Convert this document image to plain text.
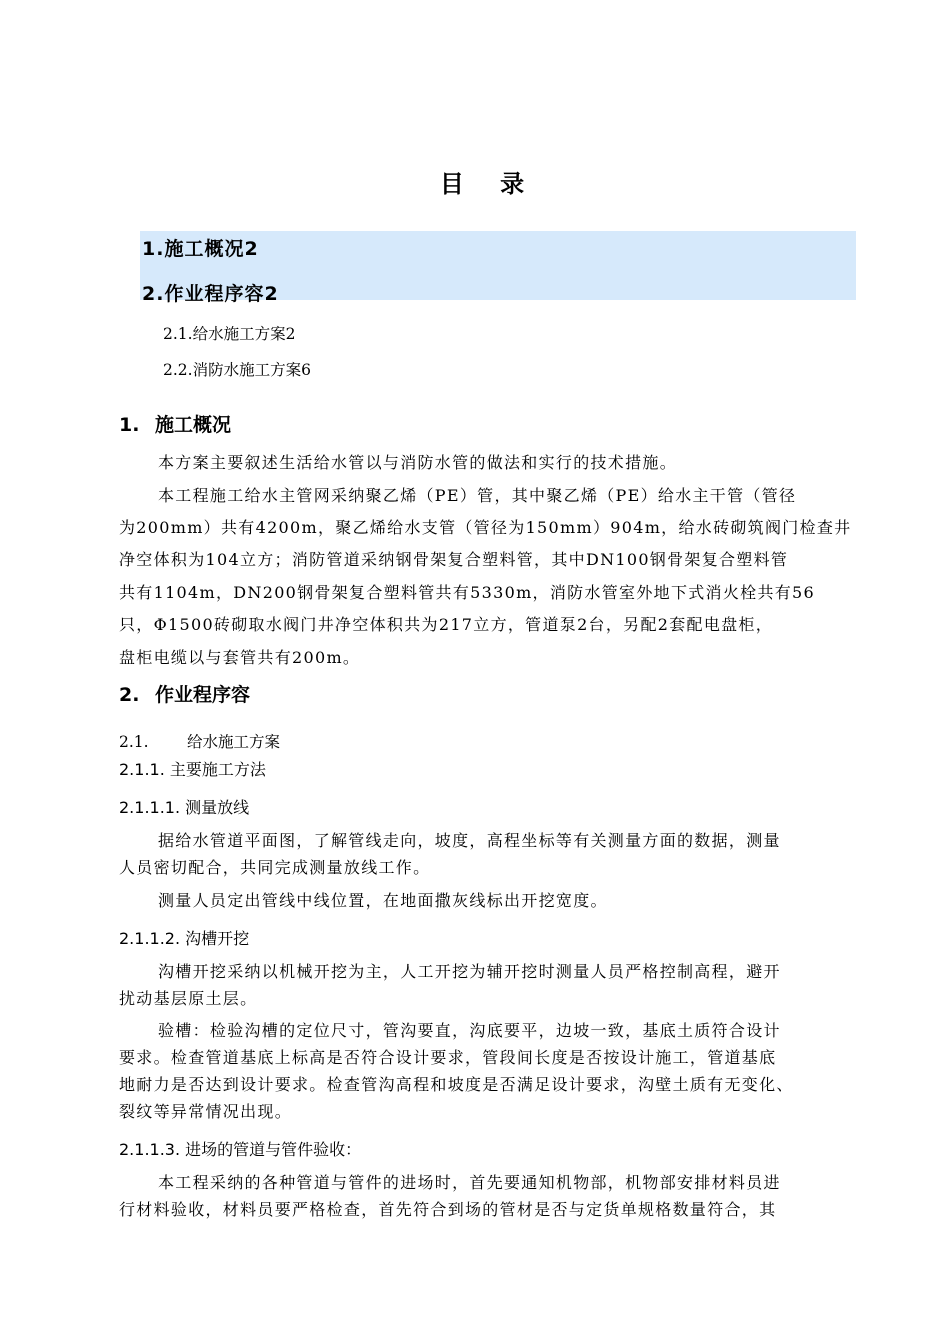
目 录
1.施工概况2
2.作业程序容2
2.1.给水施工方案2
2.2.消防水施工方案6
1. 施工概况
本方案主要叙述生活给水管以与消防水管的做法和实行的技术措施。
本工程施工给水主管网采纳聚乙烯（PE）管，其中聚乙烯（PE）给水主干管（管径
为200mm）共有4200m，聚乙烯给水支管（管径为150mm）904m，给水砖砌筑阀门检查井
净空体积为104立方；消防管道采纳钢骨架复合塑料管，其中DN100钢骨架复合塑料管
共有1104m，DN200钢骨架复合塑料管共有5330m，消防水管室外地下式消火栓共有56
只，Φ1500砖砌取水阀门井净空体积共为217立方，管道泵2台，另配2套配电盘柜，
盘柜电缆以与套管共有200m。
2. 作业程序容
2.1. 给水施工方案
2.1.1. 主要施工方法
2.1.1.1. 测量放线
据给水管道平面图，了解管线走向，坡度，高程坐标等有关测量方面的数据，测量
人员密切配合，共同完成测量放线工作。
测量人员定出管线中线位置，在地面撒灰线标出开挖宽度。
2.1.1.2. 沟槽开挖
沟槽开挖采纳以机械开挖为主，人工开挖为辅开挖时测量人员严格控制高程，避开
扰动基层原土层。
验槽：检验沟槽的定位尺寸，管沟要直，沟底要平，边坡一致，基底土质符合设计
要求。检查管道基底上标高是否符合设计要求，管段间长度是否按设计施工，管道基底
地耐力是否达到设计要求。检查管沟高程和坡度是否满足设计要求，沟壁土质有无变化、
裂纹等异常情况出现。
2.1.1.3. 进场的管道与管件验收：
本工程采纳的各种管道与管件的进场时，首先要通知机物部，机物部安排材料员进
行材料验收，材料员要严格检查，首先符合到场的管材是否与定货单规格数量符合，其
